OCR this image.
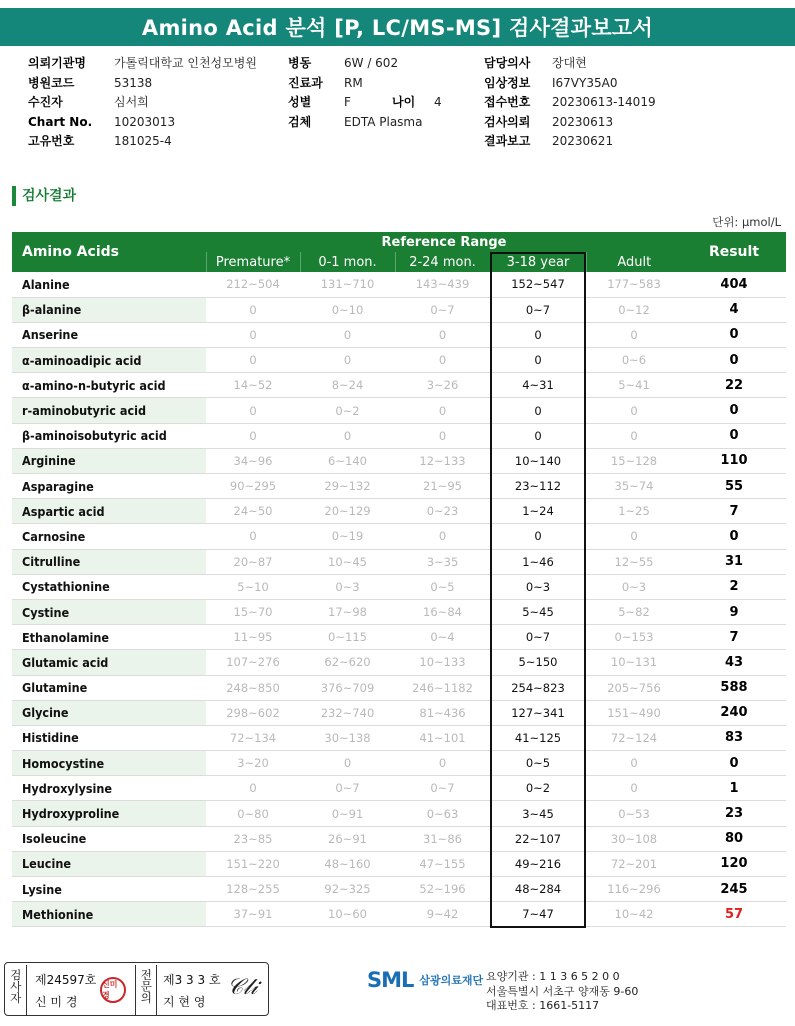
Amino Acid 분석 [P, LC/MS-MS] 검사결과보고서
의뢰기관명	가톨릭대학교 인천성모병원
병원코드	53138
수진자	심서희
Chart No.	10203013
고유번호	181025-4
병동	6W / 602
진료과	RM
성별	F	나이	4
검체	EDTA Plasma
담당의사	장대현
임상정보	I67VY35A0
접수번호	20230613-14019
검사의뢰	20230613
결과보고	20230621
검사결과
단위: μmol/L
Amino Acids	Reference Range					Result
	Premature*	0-1 mon.	2-24 mon.	3-18 year	Adult	
Alanine	212~504	131~710	143~439	152~547	177~583	404
β-alanine	0	0~10	0~7	0~7	0~12	4
Anserine	0	0	0	0	0	0
α-aminoadipic acid	0	0	0	0	0~6	0
α-amino-n-butyric acid	14~52	8~24	3~26	4~31	5~41	22
r-aminobutyric acid	0	0~2	0	0	0	0
β-aminoisobutyric acid	0	0	0	0	0	0
Arginine	34~96	6~140	12~133	10~140	15~128	110
Asparagine	90~295	29~132	21~95	23~112	35~74	55
Aspartic acid	24~50	20~129	0~23	1~24	1~25	7
Carnosine	0	0~19	0	0	0	0
Citrulline	20~87	10~45	3~35	1~46	12~55	31
Cystathionine	5~10	0~3	0~5	0~3	0~3	2
Cystine	15~70	17~98	16~84	5~45	5~82	9
Ethanolamine	11~95	0~115	0~4	0~7	0~153	7
Glutamic acid	107~276	62~620	10~133	5~150	10~131	43
Glutamine	248~850	376~709	246~1182	254~823	205~756	588
Glycine	298~602	232~740	81~436	127~341	151~490	240
Histidine	72~134	30~138	41~101	41~125	72~124	83
Homocystine	3~20	0	0	0~5	0	0
Hydroxylysine	0	0~7	0~7	0~2	0	1
Hydroxyproline	0~80	0~91	0~63	3~45	0~53	23
Isoleucine	23~85	26~91	31~86	22~107	30~108	80
Leucine	151~220	48~160	47~155	49~216	72~201	120
Lysine	128~255	92~325	52~196	48~284	116~296	245
Methionine	37~91	10~60	9~42	7~47	10~42	57
검사자	제24597호
신 미 경
신미경	전문의 제3 3 3 호
지 현 영
𝒞𝓁𝒾	SML 삼광의료재단 요양기관 : 1 1 3 6 5 2 0 0
서울특별시 서초구 양재동 9-60
대표번호 : 1661-5117
